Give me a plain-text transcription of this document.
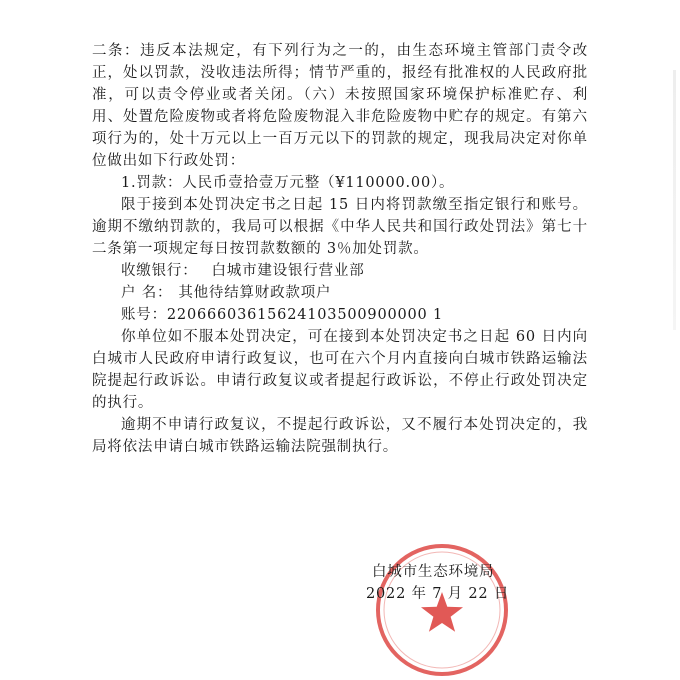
二条：违反本法规定，有下列行为之一的，由生态环境主管部门责令改正，处以罚款，没收违法所得；情节严重的，报经有批准权的人民政府批准，可以责令停业或者关闭。（六）未按照国家环境保护标准贮存、利用、处置危险废物或者将危险废物混入非危险废物中贮存的规定。有第六项行为的，处十万元以上一百万元以下的罚款的规定，现我局决定对你单位做出如下行政处罚：

1.罚款：人民币壹拾壹万元整（¥110000.00）。

限于接到本处罚决定书之日起 15 日内将罚款缴至指定银行和账号。逾期不缴纳罚款的，我局可以根据《中华人民共和国行政处罚法》第七十二条第一项规定每日按罚款数额的 3％加处罚款。

收缴银行： 白城市建设银行营业部
户 名： 其他待结算财政款项户
账号： 22066603615624103500900000 1

你单位如不服本处罚决定，可在接到本处罚决定书之日起 60 日内向白城市人民政府申请行政复议，也可在六个月内直接向白城市铁路运输法院提起行政诉讼。申请行政复议或者提起行政诉讼，不停止行政处罚决定的执行。

逾期不申请行政复议，不提起行政诉讼，又不履行本处罚决定的，我局将依法申请白城市铁路运输法院强制执行。

白城市生态环境局
2022 年 7 月 22 日
